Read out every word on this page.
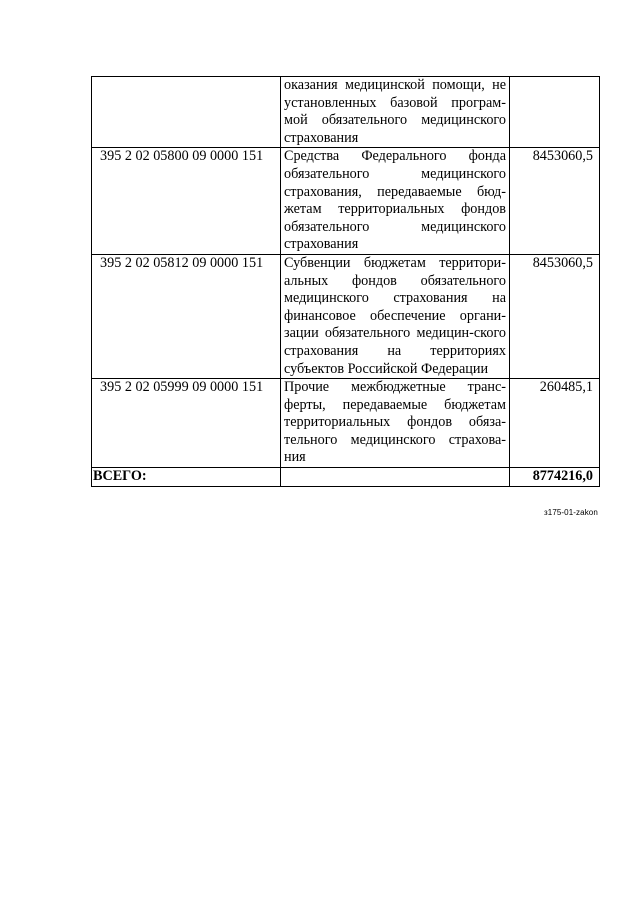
	оказания медицинской помощи, не установленных базовой програм-мой обязательного медицинского страхования	
395 2 02 05800 09 0000 151	Средства Федерального фонда обязательного медицинского страхования, передаваемые бюд-жетам территориальных фондов обязательного медицинского страхования	8453060,5
395 2 02 05812 09 0000 151	Субвенции бюджетам территори-альных фондов обязательного медицинского страхования на финансовое обеспечение органи-зации обязательного медицин-ского страхования на территориях субъектов Российской Федерации	8453060,5
395 2 02 05999 09 0000 151	Прочие межбюджетные транс-ферты, передаваемые бюджетам территориальных фондов обяза-тельного медицинского страхова-ния	260485,1
ВСЕГО:		8774216,0
з175-01-zakon
